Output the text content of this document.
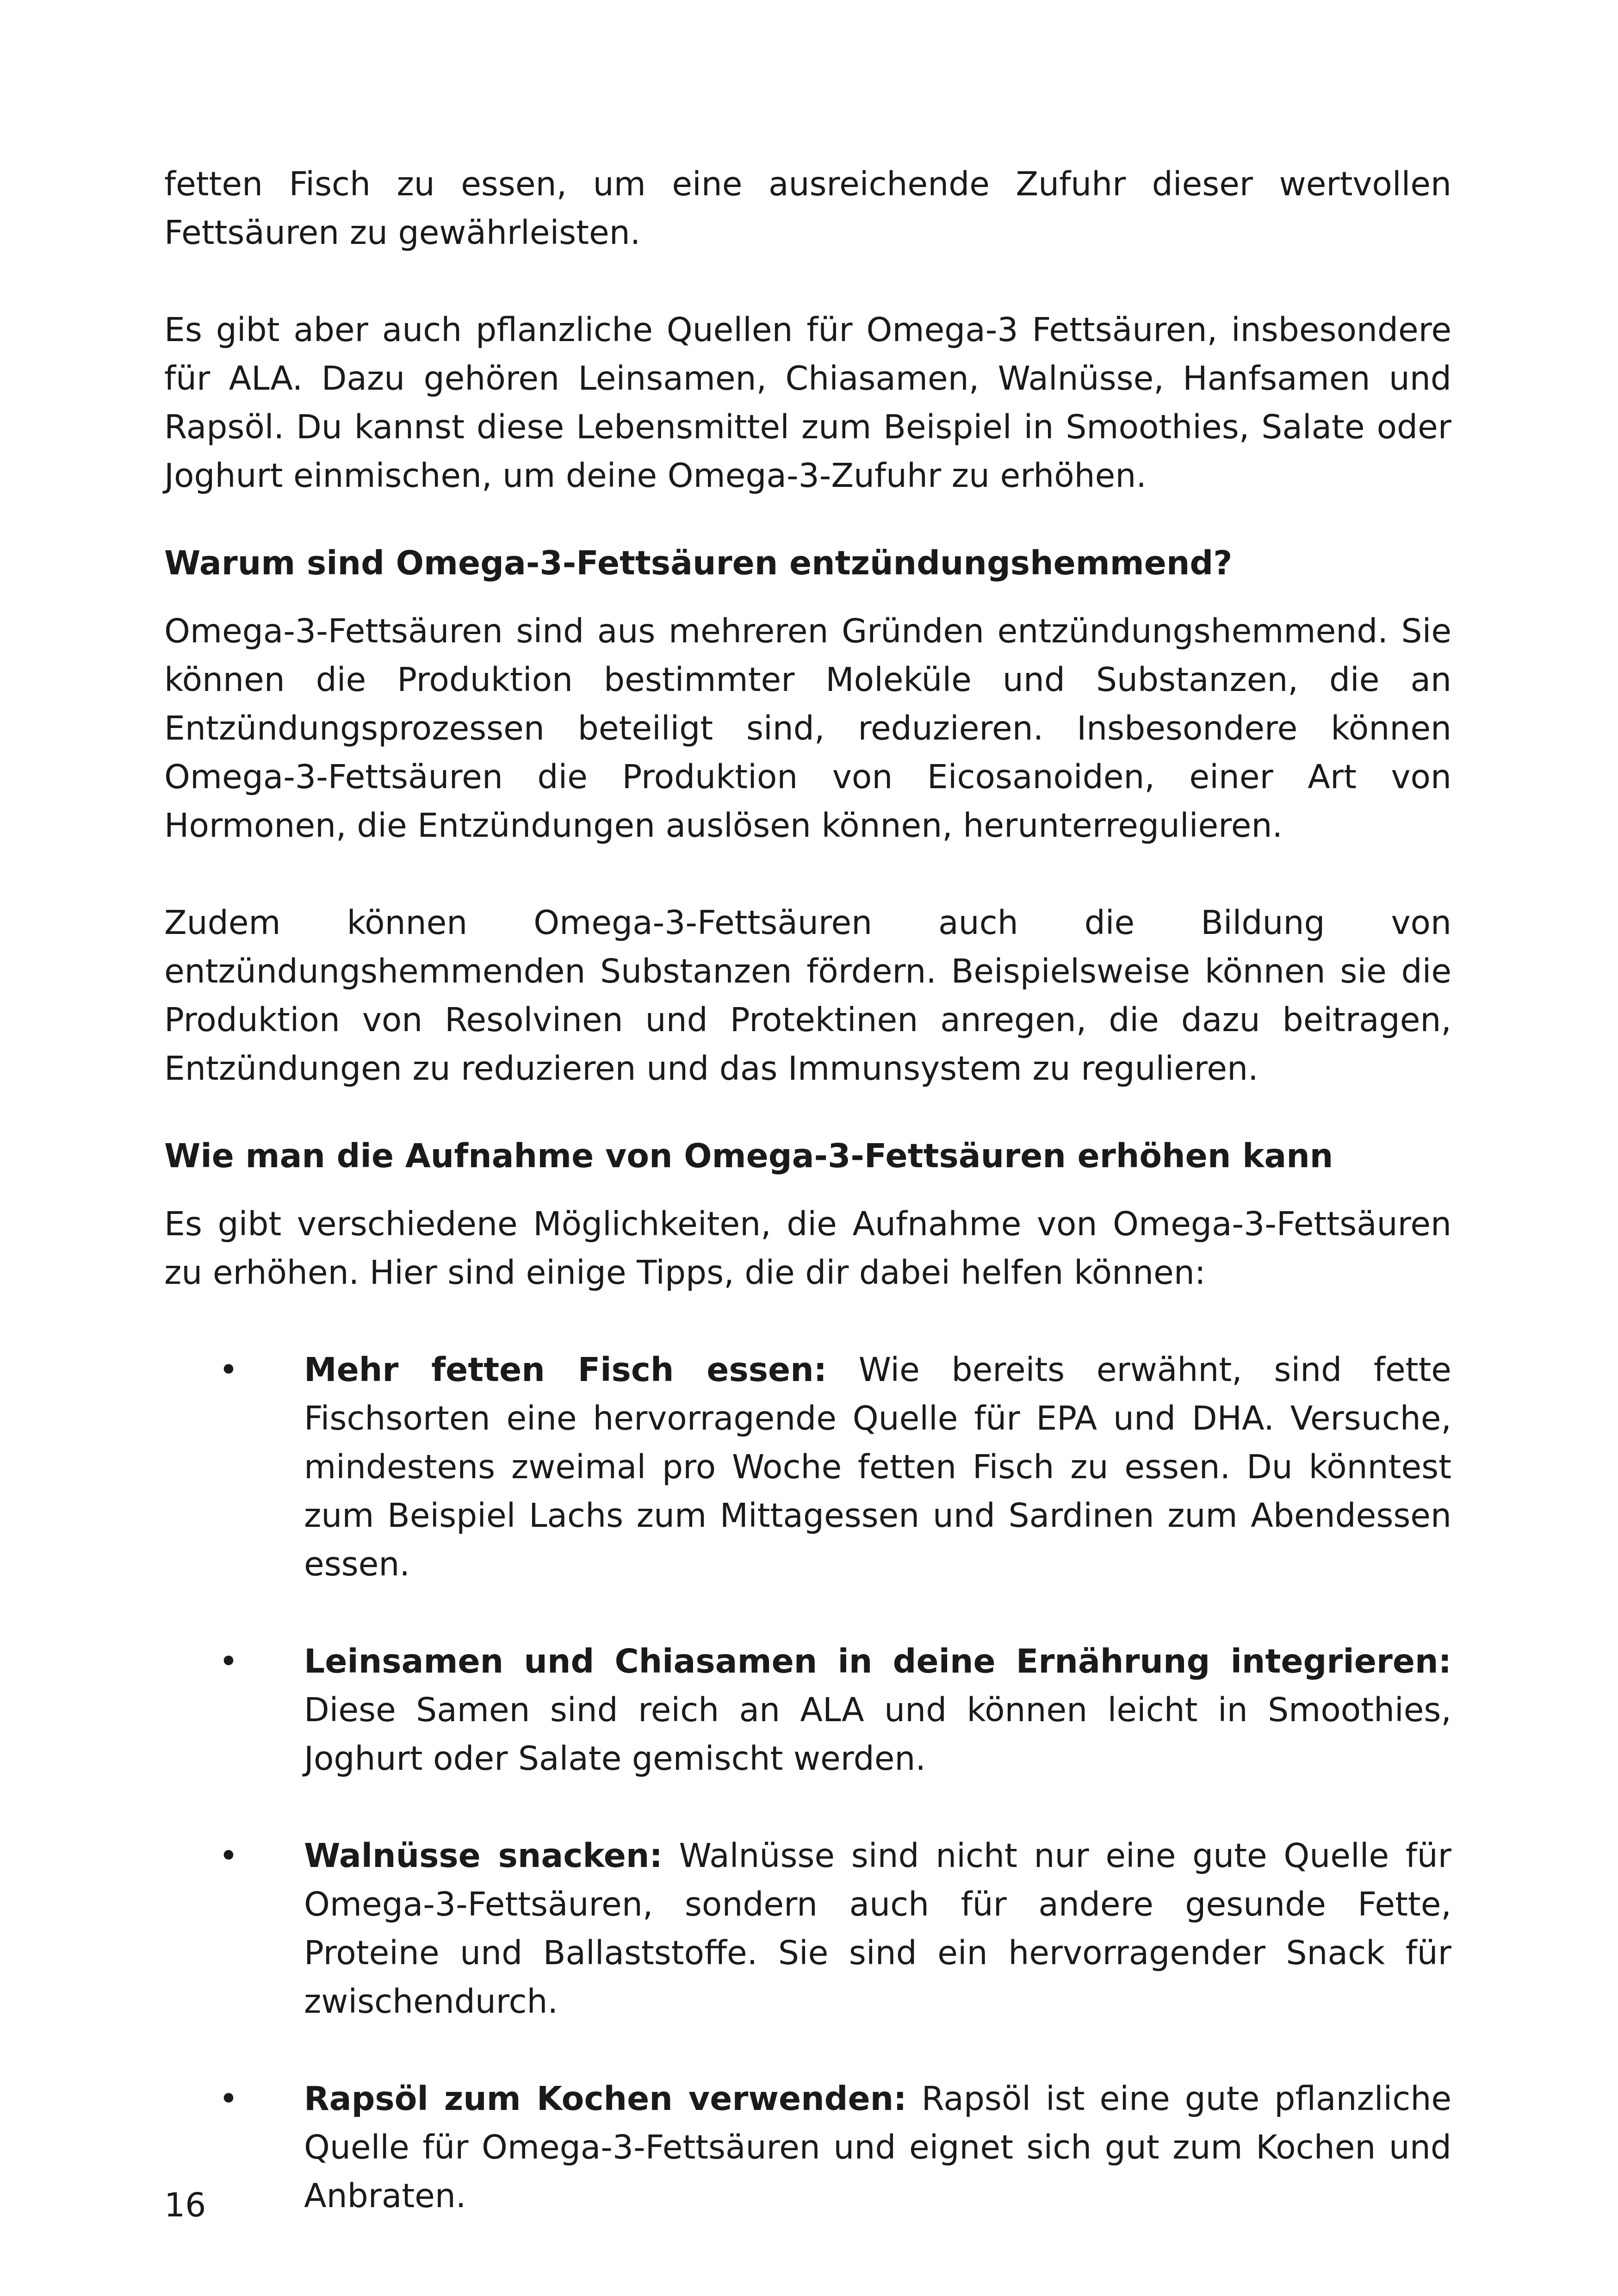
fetten Fisch zu essen, um eine ausreichende Zufuhr dieser wertvollen Fettsäuren zu gewährleisten.

Es gibt aber auch pflanzliche Quellen für Omega-3 Fettsäuren, insbesondere für ALA. Dazu gehören Leinsamen, Chiasamen, Walnüsse, Hanfsamen und Rapsöl. Du kannst diese Lebensmittel zum Beispiel in Smoothies, Salate oder Joghurt einmischen, um deine Omega-3-Zufuhr zu erhöhen.

Warum sind Omega-3-Fettsäuren entzündungshemmend?

Omega-3-Fettsäuren sind aus mehreren Gründen entzündungshemmend. Sie können die Produktion bestimmter Moleküle und Substanzen, die an Entzündungsprozessen beteiligt sind, reduzieren. Insbesondere können Omega-3-Fettsäuren die Produktion von Eicosanoiden, einer Art von Hormonen, die Entzündungen auslösen können, herunterregulieren.

Zudem können Omega-3-Fettsäuren auch die Bildung von entzündungshemmenden Substanzen fördern. Beispielsweise können sie die Produktion von Resolvinen und Protektinen anregen, die dazu beitragen, Entzündungen zu reduzieren und das Immunsystem zu regulieren.

Wie man die Aufnahme von Omega-3-Fettsäuren erhöhen kann

Es gibt verschiedene Möglichkeiten, die Aufnahme von Omega-3-Fettsäuren zu erhöhen. Hier sind einige Tipps, die dir dabei helfen können:

• Mehr fetten Fisch essen: Wie bereits erwähnt, sind fette Fischsorten eine hervorragende Quelle für EPA und DHA. Versuche, mindestens zweimal pro Woche fetten Fisch zu essen. Du könntest zum Beispiel Lachs zum Mittagessen und Sardinen zum Abendessen essen.
• Leinsamen und Chiasamen in deine Ernährung integrieren: Diese Samen sind reich an ALA und können leicht in Smoothies, Joghurt oder Salate gemischt werden.
• Walnüsse snacken: Walnüsse sind nicht nur eine gute Quelle für Omega-3-Fettsäuren, sondern auch für andere gesunde Fette, Proteine und Ballaststoffe. Sie sind ein hervorragender Snack für zwischendurch.
• Rapsöl zum Kochen verwenden: Rapsöl ist eine gute pflanzliche Quelle für Omega-3-Fettsäuren und eignet sich gut zum Kochen und Anbraten.
16
